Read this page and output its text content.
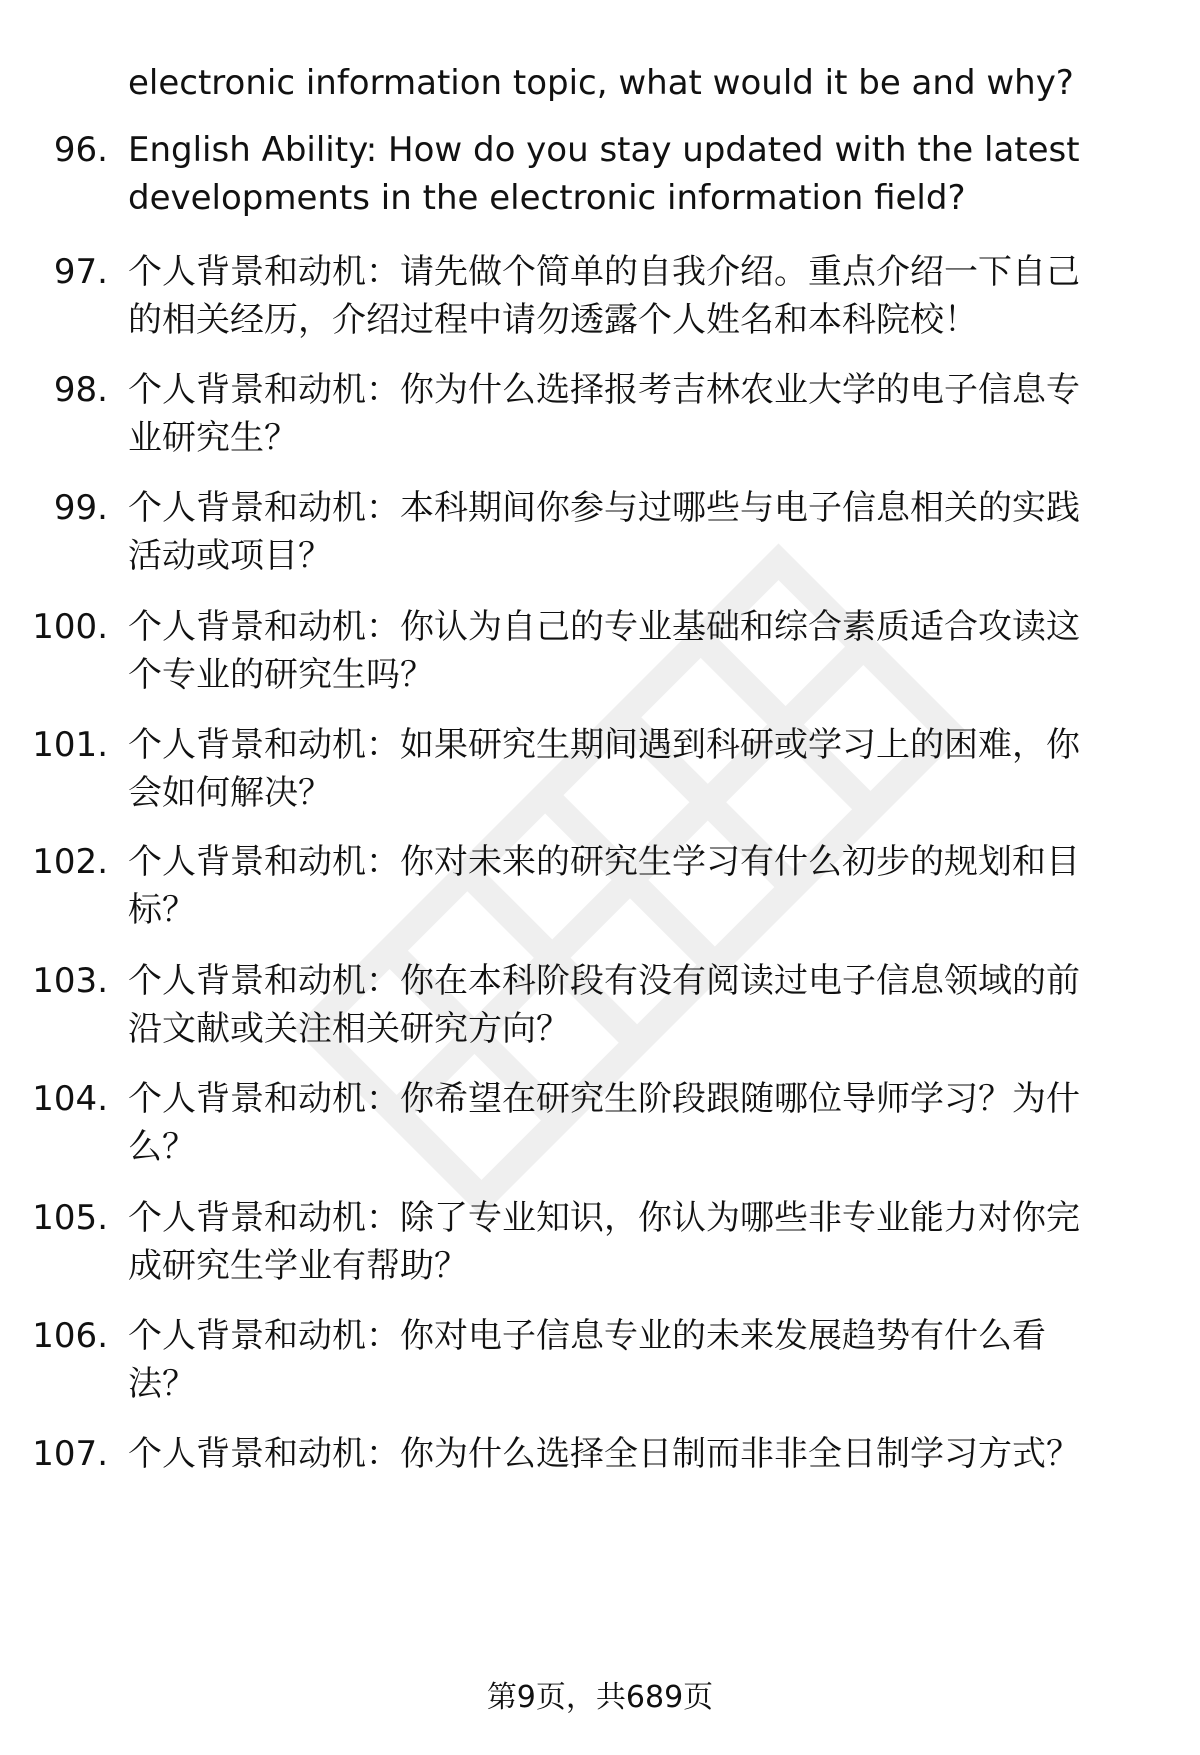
electronic information topic, what would it be and why?
96. English Ability: How do you stay updated with the latest
developments in the electronic information field?
97. 个人背景和动机：请先做个简单的自我介绍。重点介绍一下自己
的相关经历，介绍过程中请勿透露个人姓名和本科院校！
98. 个人背景和动机：你为什么选择报考吉林农业大学的电子信息专
业研究生？
99. 个人背景和动机：本科期间你参与过哪些与电子信息相关的实践
活动或项目？
100. 个人背景和动机：你认为自己的专业基础和综合素质适合攻读这
个专业的研究生吗？
101. 个人背景和动机：如果研究生期间遇到科研或学习上的困难，你
会如何解决？
102. 个人背景和动机：你对未来的研究生学习有什么初步的规划和目
标？
103. 个人背景和动机：你在本科阶段有没有阅读过电子信息领域的前
沿文献或关注相关研究方向？
104. 个人背景和动机：你希望在研究生阶段跟随哪位导师学习？为什
么？
105. 个人背景和动机：除了专业知识，你认为哪些非专业能力对你完
成研究生学业有帮助？
106. 个人背景和动机：你对电子信息专业的未来发展趋势有什么看
法？
107. 个人背景和动机：你为什么选择全日制而非非全日制学习方式？
第9页，共689页
